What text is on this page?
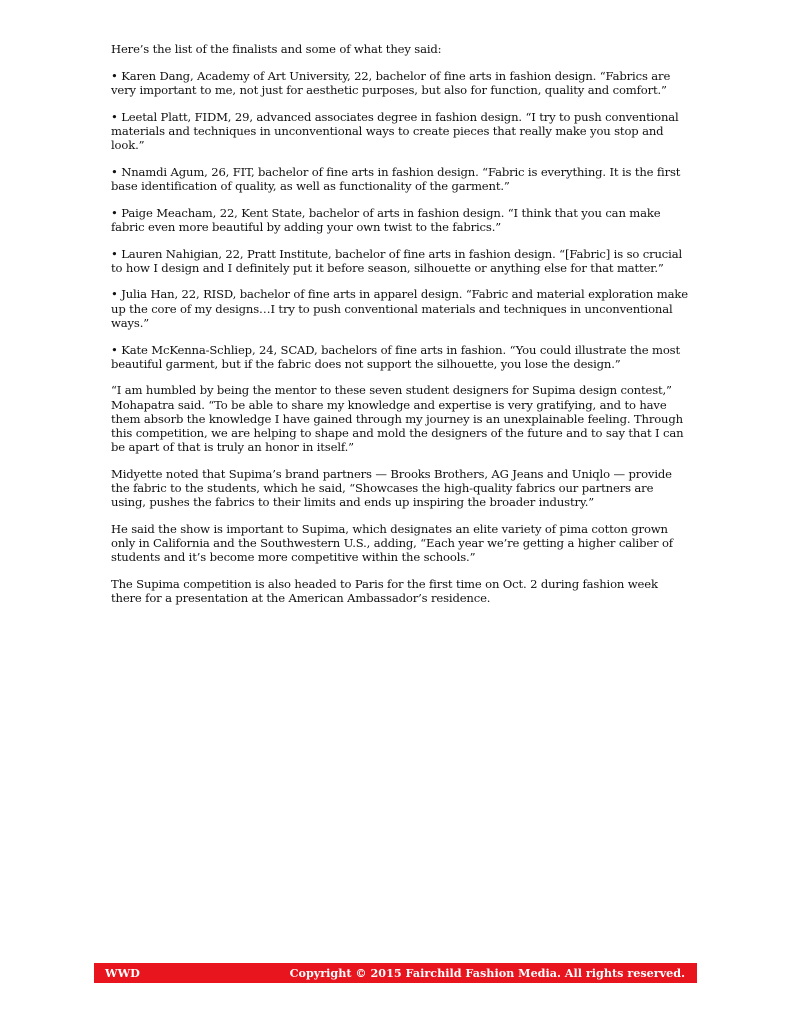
Here’s the list of the finalists and some of what they said:

• Karen Dang, Academy of Art University, 22, bachelor of fine arts in fashion design. “Fabrics are very important to me, not just for aesthetic purposes, but also for function, quality and comfort.”

• Leetal Platt, FIDM, 29, advanced associates degree in fashion design. “I try to push conventional materials and techniques in unconventional ways to create pieces that really make you stop and look.”

• Nnamdi Agum, 26, FIT, bachelor of fine arts in fashion design. “Fabric is everything. It is the first base identification of quality, as well as functionality of the garment.”

• Paige Meacham, 22, Kent State, bachelor of arts in fashion design. “I think that you can make fabric even more beautiful by adding your own twist to the fabrics.”

• Lauren Nahigian, 22, Pratt Institute, bachelor of fine arts in fashion design. “[Fabric] is so crucial to how I design and I definitely put it before season, silhouette or anything else for that matter.”

• Julia Han, 22, RISD, bachelor of fine arts in apparel design. “Fabric and material exploration make up the core of my designs…I try to push conventional materials and techniques in unconventional ways.”

• Kate McKenna-Schliep, 24, SCAD, bachelors of fine arts in fashion. “You could illustrate the most beautiful garment, but if the fabric does not support the silhouette, you lose the design.”

“I am humbled by being the mentor to these seven student designers for Supima design contest,” Mohapatra said. “To be able to share my knowledge and expertise is very gratifying, and to have them absorb the knowledge I have gained through my journey is an unexplainable feeling. Through this competition, we are helping to shape and mold the designers of the future and to say that I can be apart of that is truly an honor in itself.”

Midyette noted that Supima’s brand partners — Brooks Brothers, AG Jeans and Uniqlo — provide the fabric to the students, which he said, “Showcases the high-quality fabrics our partners are using, pushes the fabrics to their limits and ends up inspiring the broader industry.”

He said the show is important to Supima, which designates an elite variety of pima cotton grown only in California and the Southwestern U.S., adding, “Each year we’re getting a higher caliber of students and it’s become more competitive within the schools.”

The Supima competition is also headed to Paris for the first time on Oct. 2 during fashion week there for a presentation at the American Ambassador’s residence.

WWD	Copyright © 2015 Fairchild Fashion Media. All rights reserved.
